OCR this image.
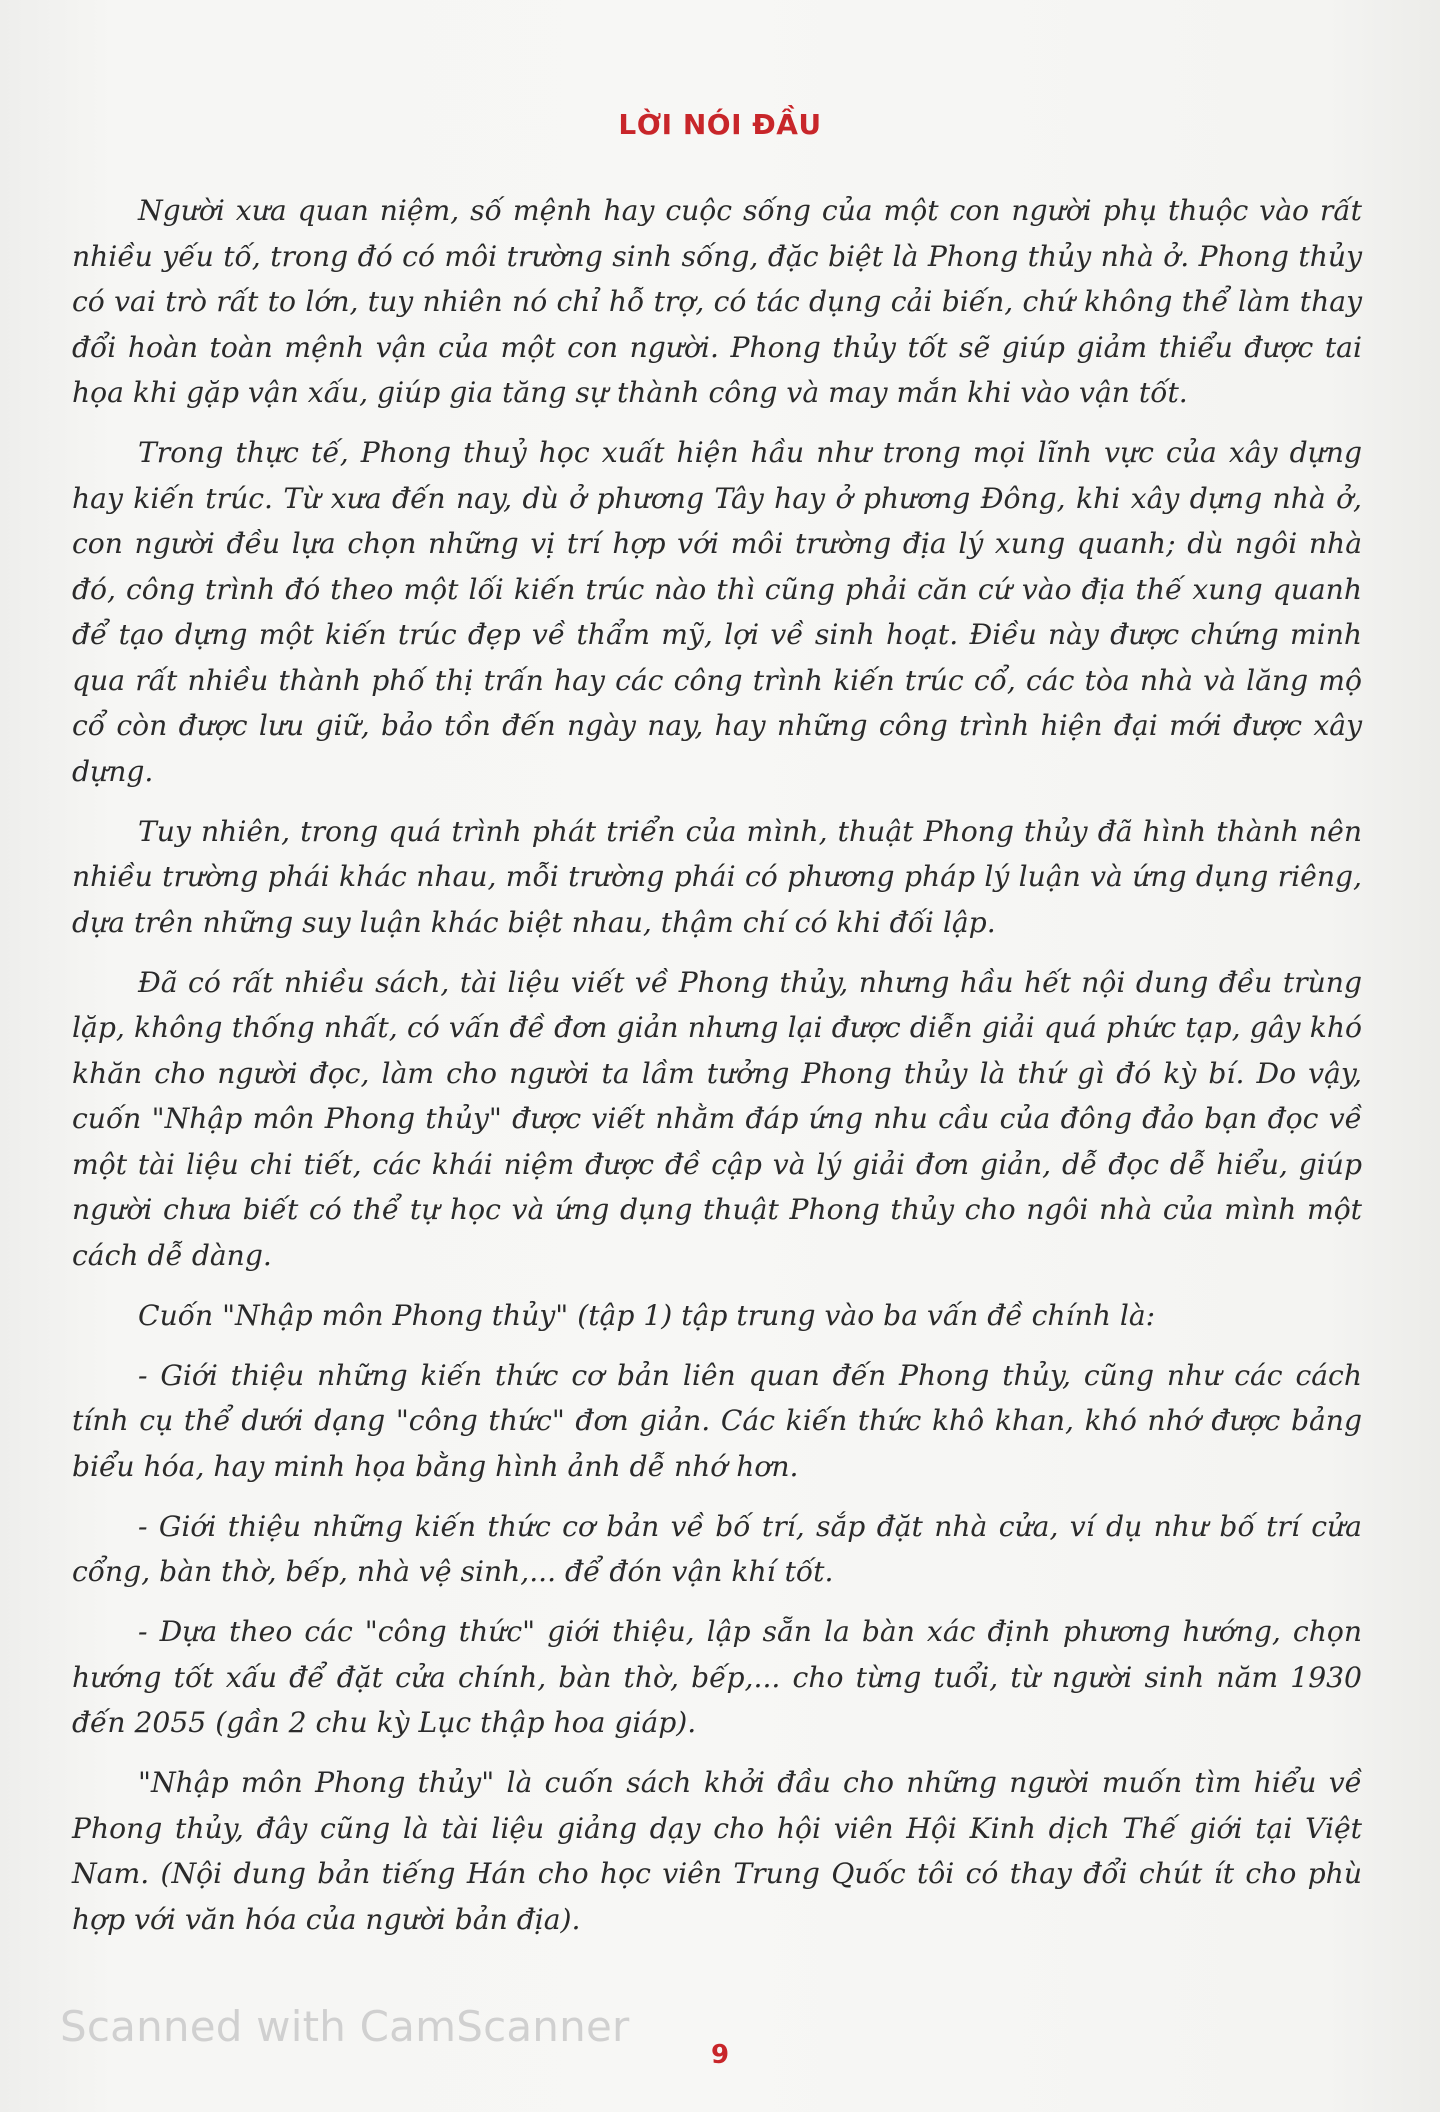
LỜI NÓI ĐẦU

Người xưa quan niệm, số mệnh hay cuộc sống của một con người phụ thuộc vào rất nhiều yếu tố, trong đó có môi trường sinh sống, đặc biệt là Phong thủy nhà ở. Phong thủy có vai trò rất to lớn, tuy nhiên nó chỉ hỗ trợ, có tác dụng cải biến, chứ không thể làm thay đổi hoàn toàn mệnh vận của một con người. Phong thủy tốt sẽ giúp giảm thiểu được tai họa khi gặp vận xấu, giúp gia tăng sự thành công và may mắn khi vào vận tốt.

Trong thực tế, Phong thuỷ học xuất hiện hầu như trong mọi lĩnh vực của xây dựng hay kiến trúc. Từ xưa đến nay, dù ở phương Tây hay ở phương Đông, khi xây dựng nhà ở, con người đều lựa chọn những vị trí hợp với môi trường địa lý xung quanh; dù ngôi nhà đó, công trình đó theo một lối kiến trúc nào thì cũng phải căn cứ vào địa thế xung quanh để tạo dựng một kiến trúc đẹp về thẩm mỹ, lợi về sinh hoạt. Điều này được chứng minh qua rất nhiều thành phố thị trấn hay các công trình kiến trúc cổ, các tòa nhà và lăng mộ cổ còn được lưu giữ, bảo tồn đến ngày nay, hay những công trình hiện đại mới được xây dựng.

Tuy nhiên, trong quá trình phát triển của mình, thuật Phong thủy đã hình thành nên nhiều trường phái khác nhau, mỗi trường phái có phương pháp lý luận và ứng dụng riêng, dựa trên những suy luận khác biệt nhau, thậm chí có khi đối lập.

Đã có rất nhiều sách, tài liệu viết về Phong thủy, nhưng hầu hết nội dung đều trùng lặp, không thống nhất, có vấn đề đơn giản nhưng lại được diễn giải quá phức tạp, gây khó khăn cho người đọc, làm cho người ta lầm tưởng Phong thủy là thứ gì đó kỳ bí. Do vậy, cuốn "Nhập môn Phong thủy" được viết nhằm đáp ứng nhu cầu của đông đảo bạn đọc về một tài liệu chi tiết, các khái niệm được đề cập và lý giải đơn giản, dễ đọc dễ hiểu, giúp người chưa biết có thể tự học và ứng dụng thuật Phong thủy cho ngôi nhà của mình một cách dễ dàng.

Cuốn "Nhập môn Phong thủy" (tập 1) tập trung vào ba vấn đề chính là:

- Giới thiệu những kiến thức cơ bản liên quan đến Phong thủy, cũng như các cách tính cụ thể dưới dạng "công thức" đơn giản. Các kiến thức khô khan, khó nhớ được bảng biểu hóa, hay minh họa bằng hình ảnh dễ nhớ hơn.

- Giới thiệu những kiến thức cơ bản về bố trí, sắp đặt nhà cửa, ví dụ như bố trí cửa cổng, bàn thờ, bếp, nhà vệ sinh,... để đón vận khí tốt.

- Dựa theo các "công thức" giới thiệu, lập sẵn la bàn xác định phương hướng, chọn hướng tốt xấu để đặt cửa chính, bàn thờ, bếp,... cho từng tuổi, từ người sinh năm 1930 đến 2055 (gần 2 chu kỳ Lục thập hoa giáp).

"Nhập môn Phong thủy" là cuốn sách khởi đầu cho những người muốn tìm hiểu về Phong thủy, đây cũng là tài liệu giảng dạy cho hội viên Hội Kinh dịch Thế giới tại Việt Nam. (Nội dung bản tiếng Hán cho học viên Trung Quốc tôi có thay đổi chút ít cho phù hợp với văn hóa của người bản địa).

Scanned with CamScanner
9
